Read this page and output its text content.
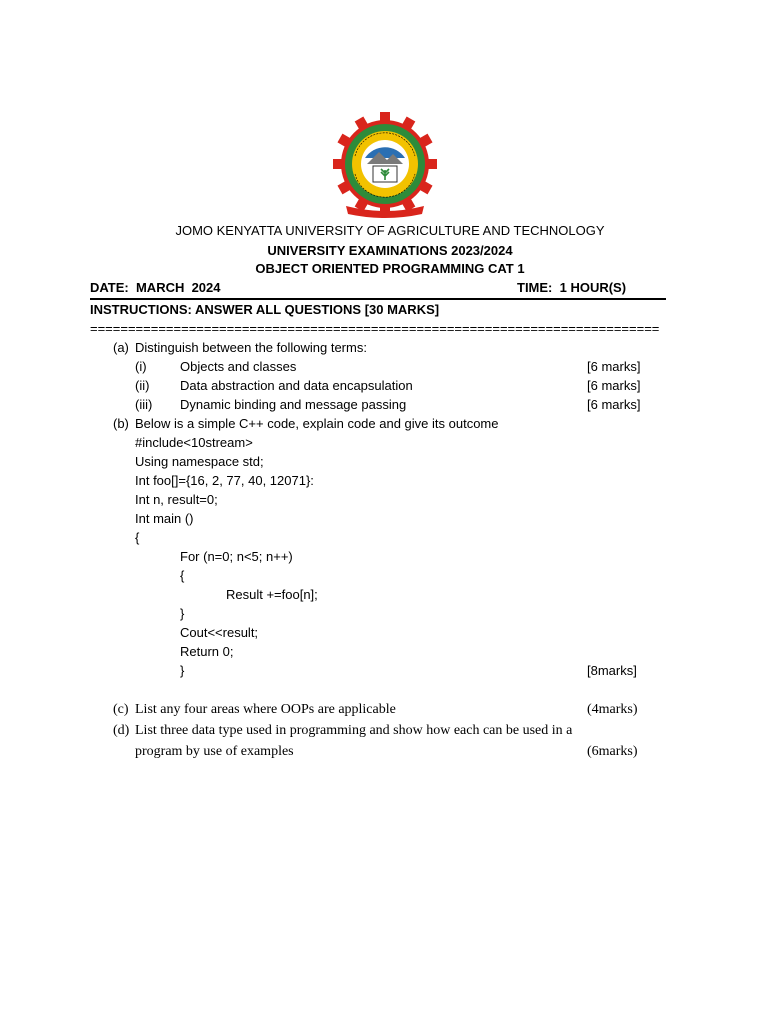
JOMO KENYATTA UNIVERSITY OF AGRICULTURE AND TECHNOLOGY
UNIVERSITY EXAMINATIONS 2023/2024
OBJECT ORIENTED PROGRAMMING CAT 1
DATE:  MARCH  2024	TIME:  1 HOUR(S)
INSTRUCTIONS: ANSWER ALL QUESTIONS [30 MARKS]
===========================================================================
(a) Distinguish between the following terms:
(i)	Objects and classes	[6 marks]
(ii) Data abstraction and data encapsulation	[6 marks]
(iii) Dynamic binding and message passing	[6 marks]
(b) Below is a simple C++ code, explain code and give its outcome
#include<10stream>
Using namespace std;
Int foo[]={16, 2, 77, 40, 12071}:
Int n, result=0;
Int main ()
{
For (n=0; n<5; n++)
{
Result +=foo[n];
}
Cout<<result;
Return 0;
}	[8marks]
(c) List any four areas where OOPs are applicable	(4marks)
(d) List three data type used in programming and show how each can be used in a
program by use of examples	(6marks)
